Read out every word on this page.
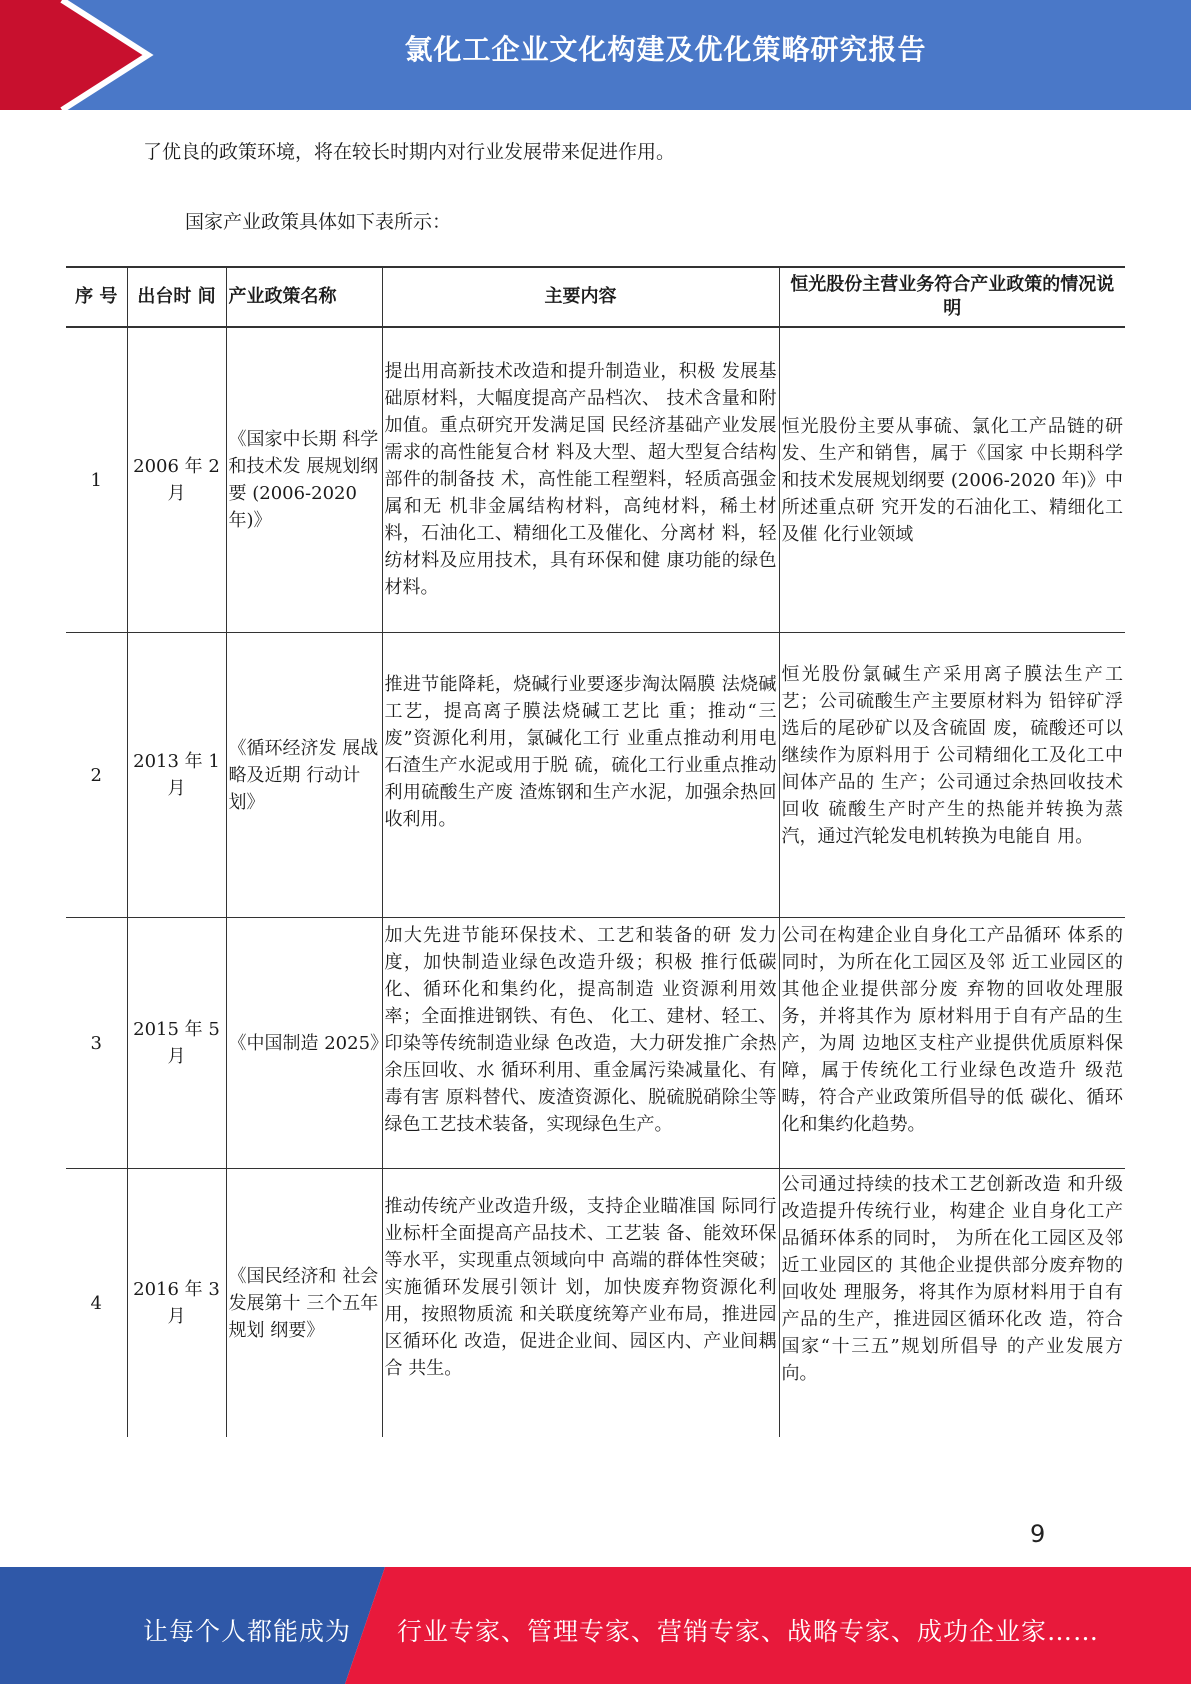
氯化工企业文化构建及优化策略研究报告
了优良的政策环境，将在较长时期内对行业发展带来促进作用。
国家产业政策具体如下表所示：
序 号	出台时 间	产业政策名称	主要内容	恒光股份主营业务符合产业政策的情况说明
1	2006 年 2月	《国家中长期 科学和技术发 展规划纲要 (2006-2020 年)》	提出用高新技术改造和提升制造业，积极 发展基础原材料，大幅度提高产品档次、 技术含量和附加值。重点研究开发满足国 民经济基础产业发展需求的高性能复合材 料及大型、超大型复合结构部件的制备技 术，高性能工程塑料，轻质高强金属和无 机非金属结构材料，高纯材料，稀土材 料，石油化工、精细化工及催化、分离材 料，轻纺材料及应用技术，具有环保和健 康功能的绿色材料。	恒光股份主要从事硫、氯化工产品链的研发、生产和销售，属于《国家 中长期科学和技术发展规划纲要 (2006-2020 年)》中所述重点研 究开发的石油化工、精细化工及催 化行业领域
2	2013 年 1月	《循环经济发 展战略及近期 行动计划》	推进节能降耗，烧碱行业要逐步淘汰隔膜 法烧碱工艺，提高离子膜法烧碱工艺比 重；推动“三废”资源化利用，氯碱化工行 业重点推动利用电石渣生产水泥或用于脱 硫，硫化工行业重点推动利用硫酸生产废 渣炼钢和生产水泥，加强余热回收利用。	恒光股份氯碱生产采用离子膜法生产工艺；公司硫酸生产主要原材料为 铅锌矿浮选后的尾砂矿以及含硫固 废，硫酸还可以继续作为原料用于 公司精细化工及化工中间体产品的 生产；公司通过余热回收技术回收 硫酸生产时产生的热能并转换为蒸 汽，通过汽轮发电机转换为电能自 用。
3	2015 年 5月	《中国制造 2025》	加大先进节能环保技术、工艺和装备的研 发力度，加快制造业绿色改造升级；积极 推行低碳化、循环化和集约化，提高制造 业资源利用效率；全面推进钢铁、有色、 化工、建材、轻工、印染等传统制造业绿 色改造，大力研发推广余热余压回收、水 循环利用、重金属污染减量化、有毒有害 原料替代、废渣资源化、脱硫脱硝除尘等 绿色工艺技术装备，实现绿色生产。	公司在构建企业自身化工产品循环 体系的同时，为所在化工园区及邻 近工业园区的其他企业提供部分废 弃物的回收处理服务，并将其作为 原材料用于自有产品的生产，为周 边地区支柱产业提供优质原料保 障，属于传统化工行业绿色改造升 级范畴，符合产业政策所倡导的低 碳化、循环化和集约化趋势。
4	2016 年 3月	《国民经济和 社会发展第十 三个五年规划 纲要》	推动传统产业改造升级，支持企业瞄准国 际同行业标杆全面提高产品技术、工艺装 备、能效环保等水平，实现重点领域向中 高端的群体性突破；实施循环发展引领计 划，加快废弃物资源化利用，按照物质流 和关联度统筹产业布局，推进园区循环化 改造，促进企业间、园区内、产业间耦合 共生。	公司通过持续的技术工艺创新改造 和升级改造提升传统行业，构建企 业自身化工产品循环体系的同时， 为所在化工园区及邻近工业园区的 其他企业提供部分废弃物的回收处 理服务，将其作为原材料用于自有 产品的生产，推进园区循环化改 造，符合国家“十三五”规划所倡导 的产业发展方向。
9
让每个人都能成为 行业专家、管理专家、营销专家、战略专家、成功企业家……
